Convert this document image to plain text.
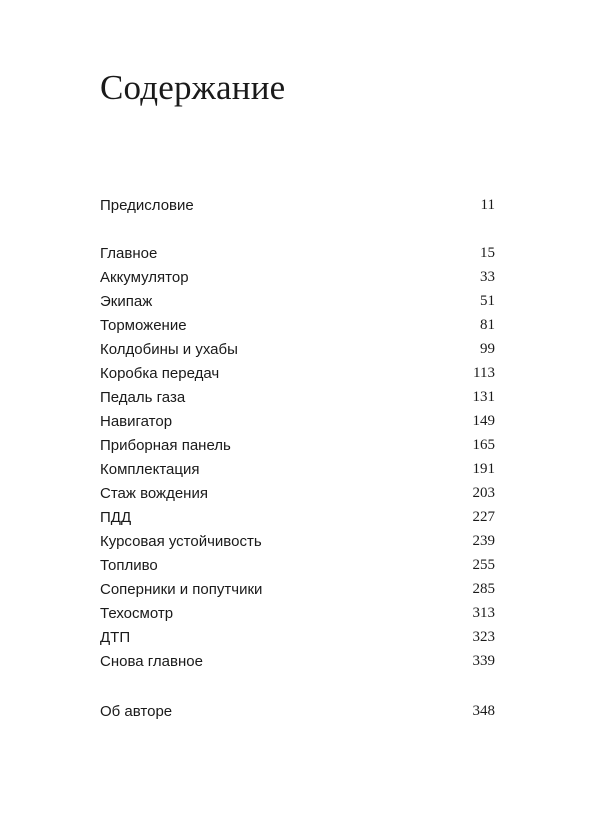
Содержание
Предисловие	11
Главное	15
Аккумулятор	33
Экипаж	51
Торможение	81
Колдобины и ухабы	99
Коробка передач	113
Педаль газа	131
Навигатор	149
Приборная панель	165
Комплектация	191
Стаж вождения	203
ПДД	227
Курсовая устойчивость	239
Топливо	255
Соперники и попутчики	285
Техосмотр	313
ДТП	323
Снова главное	339
Об авторе	348
